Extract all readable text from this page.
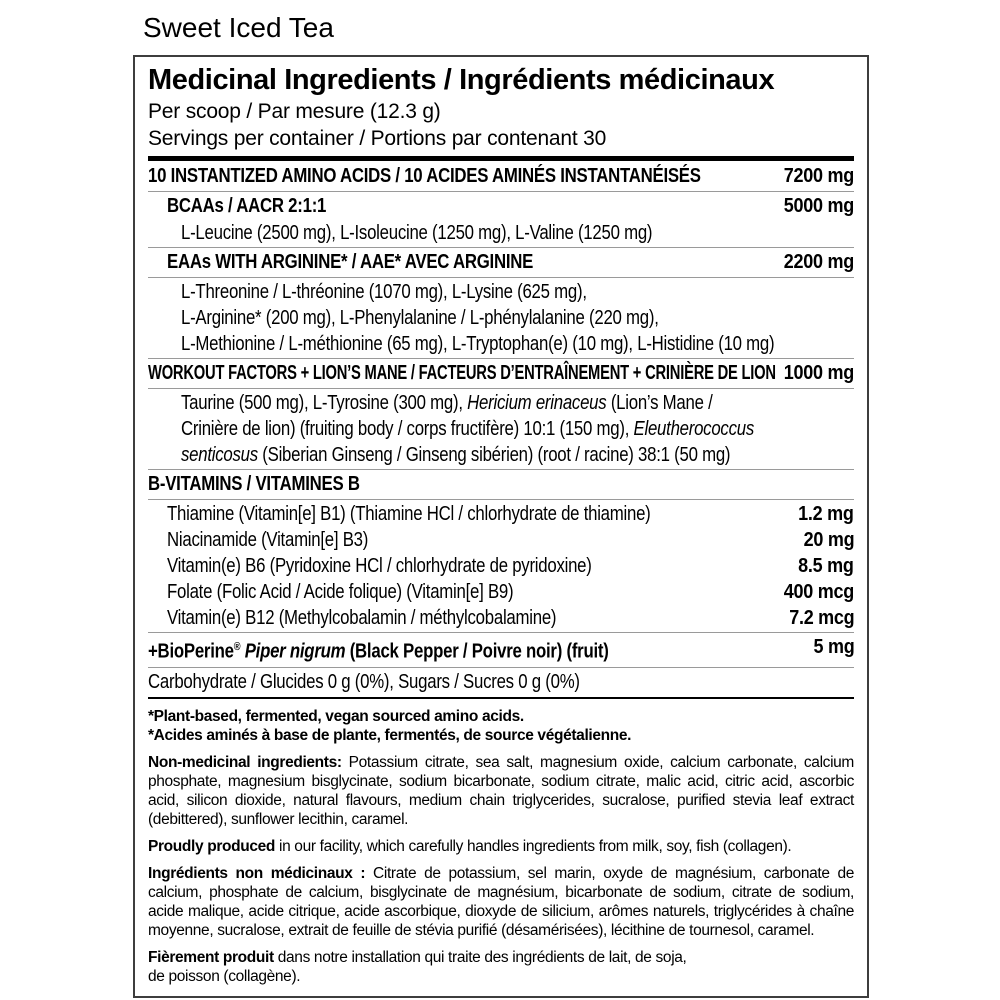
Sweet Iced Tea
Medicinal Ingredients / Ingrédients médicinaux
Per scoop / Par mesure (12.3 g)
Servings per container / Portions par contenant 30
10 INSTANTIZED AMINO ACIDS / 10 ACIDES AMINÉS INSTANTANÉISÉS	7200 mg
BCAAs / AACR 2:1:1	5000 mg
L-Leucine (2500 mg), L-Isoleucine (1250 mg), L-Valine (1250 mg)
EAAs WITH ARGININE* / AAE* AVEC ARGININE	2200 mg
L-Threonine / L-thréonine (1070 mg), L-Lysine (625 mg),
L-Arginine* (200 mg), L-Phenylalanine / L-phénylalanine (220 mg),
L-Methionine / L-méthionine (65 mg), L-Tryptophan(e) (10 mg), L-Histidine (10 mg)
WORKOUT FACTORS + LION’S MANE / FACTEURS D’ENTRAÎNEMENT + CRINIÈRE DE LION 1000 mg
Taurine (500 mg), L-Tyrosine (300 mg), Hericium erinaceus (Lion’s Mane /
Crinière de lion) (fruiting body / corps fructifère) 10:1 (150 mg), Eleutherococcus
senticosus (Siberian Ginseng / Ginseng sibérien) (root / racine) 38:1 (50 mg)
B-VITAMINS / VITAMINES B
Thiamine (Vitamin[e] B1) (Thiamine HCl / chlorhydrate de thiamine)	1.2 mg
Niacinamide (Vitamin[e] B3)	20 mg
Vitamin(e) B6 (Pyridoxine HCl / chlorhydrate de pyridoxine)	8.5 mg
Folate (Folic Acid / Acide folique) (Vitamin[e] B9)	400 mcg
Vitamin(e) B12 (Methylcobalamin / méthylcobalamine)	7.2 mcg
+BioPerine® Piper nigrum (Black Pepper / Poivre noir) (fruit)	5 mg
Carbohydrate / Glucides 0 g (0%), Sugars / Sucres 0 g (0%)
*Plant-based, fermented, vegan sourced amino acids.
*Acides aminés à base de plante, fermentés, de source végétalienne.
Non-medicinal ingredients: Potassium citrate, sea salt, magnesium oxide, calcium carbonate, calcium phosphate, magnesium bisglycinate, sodium bicarbonate, sodium citrate, malic acid, citric acid, ascorbic acid, silicon dioxide, natural flavours, medium chain triglycerides, sucralose, purified stevia leaf extract (debittered), sunflower lecithin, caramel.
Proudly produced in our facility, which carefully handles ingredients from milk, soy, fish (collagen).
Ingrédients non médicinaux : Citrate de potassium, sel marin, oxyde de magnésium, carbonate de calcium, phosphate de calcium, bisglycinate de magnésium, bicarbonate de sodium, citrate de sodium, acide malique, acide citrique, acide ascorbique, dioxyde de silicium, arômes naturels, triglycérides à chaîne moyenne, sucralose, extrait de feuille de stévia purifié (désamérisées), lécithine de tournesol, caramel.
Fièrement produit dans notre installation qui traite des ingrédients de lait, de soja,
de poisson (collagène).
